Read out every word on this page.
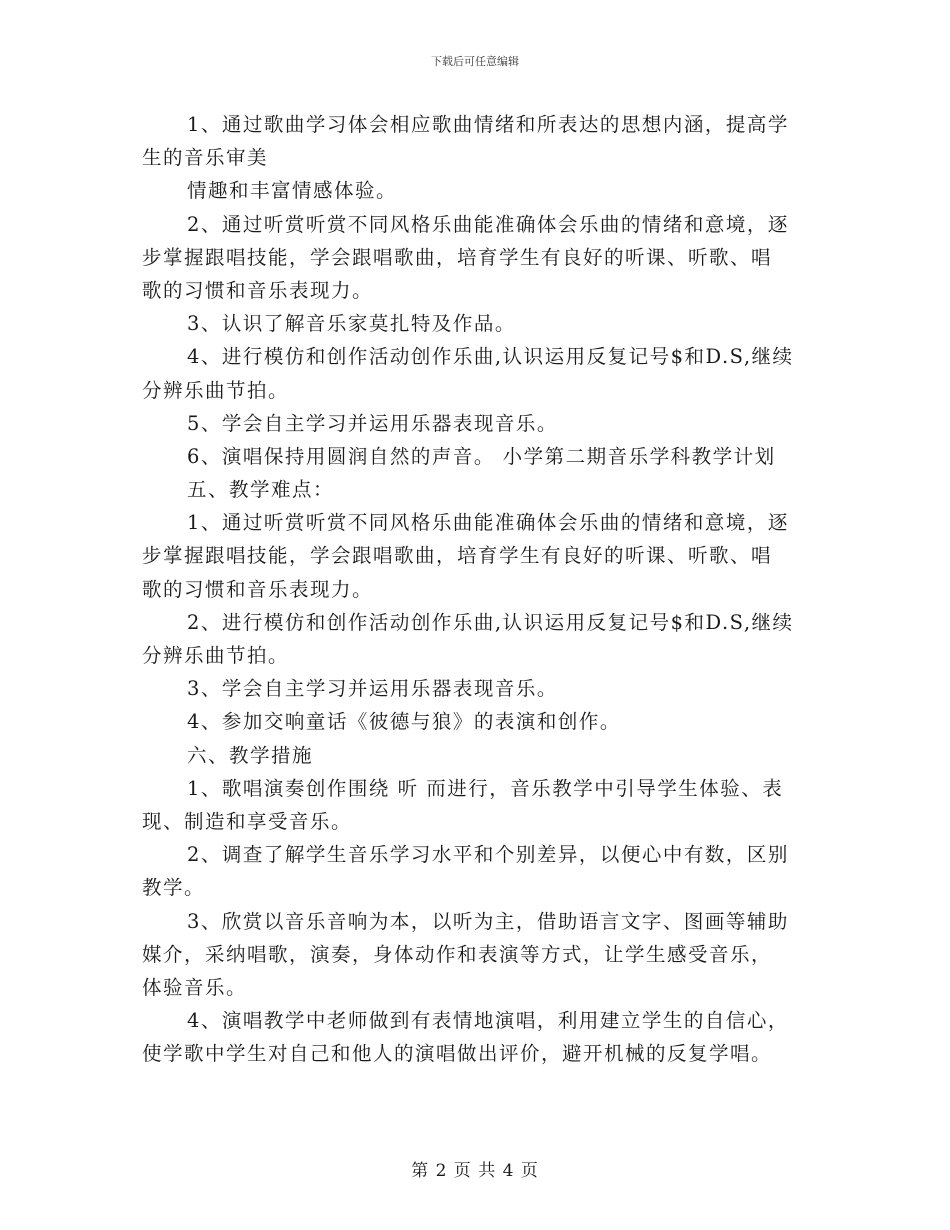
下载后可任意编辑
1、通过歌曲学习体会相应歌曲情绪和所表达的思想内涵，提高学
生的音乐审美
情趣和丰富情感体验。
2、通过听赏听赏不同风格乐曲能准确体会乐曲的情绪和意境，逐
步掌握跟唱技能，学会跟唱歌曲，培育学生有良好的听课、听歌、唱
歌的习惯和音乐表现力。
3、认识了解音乐家莫扎特及作品。
4、进行模仿和创作活动创作乐曲,认识运用反复记号$和D.S,继续
分辨乐曲节拍。
5、学会自主学习并运用乐器表现音乐。
6、演唱保持用圆润自然的声音。 小学第二期音乐学科教学计划
五、教学难点：
1、通过听赏听赏不同风格乐曲能准确体会乐曲的情绪和意境，逐
步掌握跟唱技能，学会跟唱歌曲，培育学生有良好的听课、听歌、唱
歌的习惯和音乐表现力。
2、进行模仿和创作活动创作乐曲,认识运用反复记号$和D.S,继续
分辨乐曲节拍。
3、学会自主学习并运用乐器表现音乐。
4、参加交响童话《彼德与狼》的表演和创作。
六、教学措施
1、歌唱演奏创作围绕 听 而进行，音乐教学中引导学生体验、表
现、制造和享受音乐。
2、调查了解学生音乐学习水平和个别差异，以便心中有数，区别
教学。
3、欣赏以音乐音响为本，以听为主，借助语言文字、图画等辅助
媒介，采纳唱歌，演奏，身体动作和表演等方式，让学生感受音乐，
体验音乐。
4、演唱教学中老师做到有表情地演唱，利用建立学生的自信心，
使学歌中学生对自己和他人的演唱做出评价，避开机械的反复学唱。
第 2 页 共 4 页
